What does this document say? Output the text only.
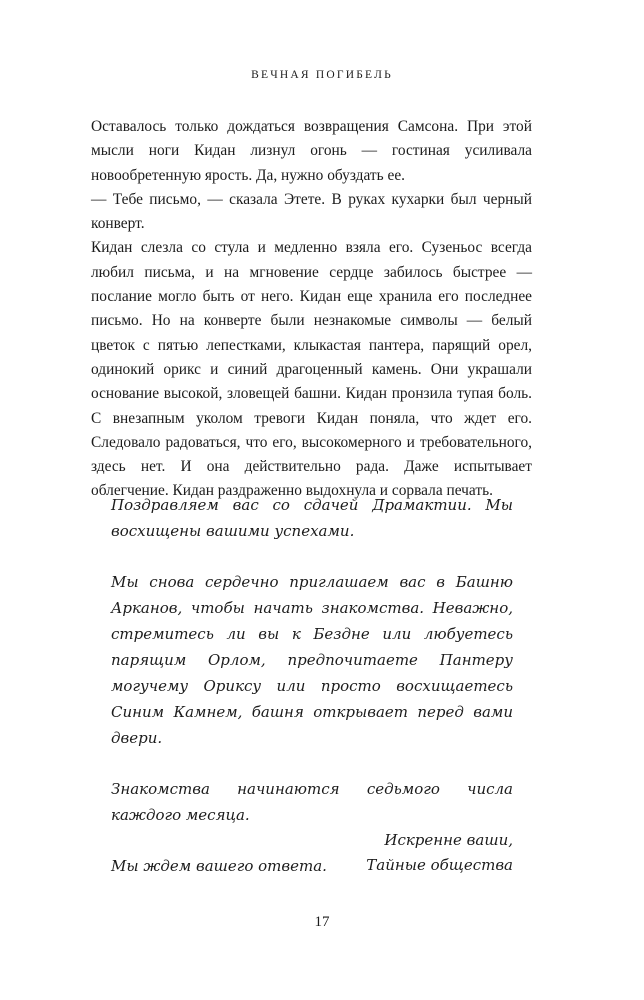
ВЕЧНАЯ ПОГИБЕЛЬ

Оставалось только дождаться возвращения Самсона. При этой мысли ноги Кидан лизнул огонь — гостиная усиливала новообретенную ярость. Да, нужно обуздать ее.

— Тебе письмо, — сказала Этете. В руках кухарки был черный конверт.

Кидан слезла со стула и медленно взяла его. Сузеньос всегда любил письма, и на мгновение сердце забилось быстрее — послание могло быть от него. Кидан еще хранила его последнее письмо. Но на конверте были незнакомые символы — белый цветок с пятью лепестками, клыкастая пантера, парящий орел, одинокий орикс и синий драгоценный камень. Они украшали основание высокой, зловещей башни. Кидан пронзила тупая боль. С внезапным уколом тревоги Кидан поняла, что ждет его. Следовало радоваться, что его, высокомерного и требовательного, здесь нет. И она действительно рада. Даже испытывает облегчение. Кидан раздраженно выдохнула и сорвала печать.

Поздравляем вас со сдачей Драмактии. Мы восхищены вашими успехами.

Мы снова сердечно приглашаем вас в Башню Арканов, чтобы начать знакомства. Неважно, стремитесь ли вы к Бездне или любуетесь парящим Орлом, предпочитаете Пантеру могучему Ориксу или просто восхищаетесь Синим Камнем, башня открывает перед вами двери.

Знакомства начинаются седьмого числа каждого месяца.

Мы ждем вашего ответа.

Искренне ваши,
Тайные общества
17
